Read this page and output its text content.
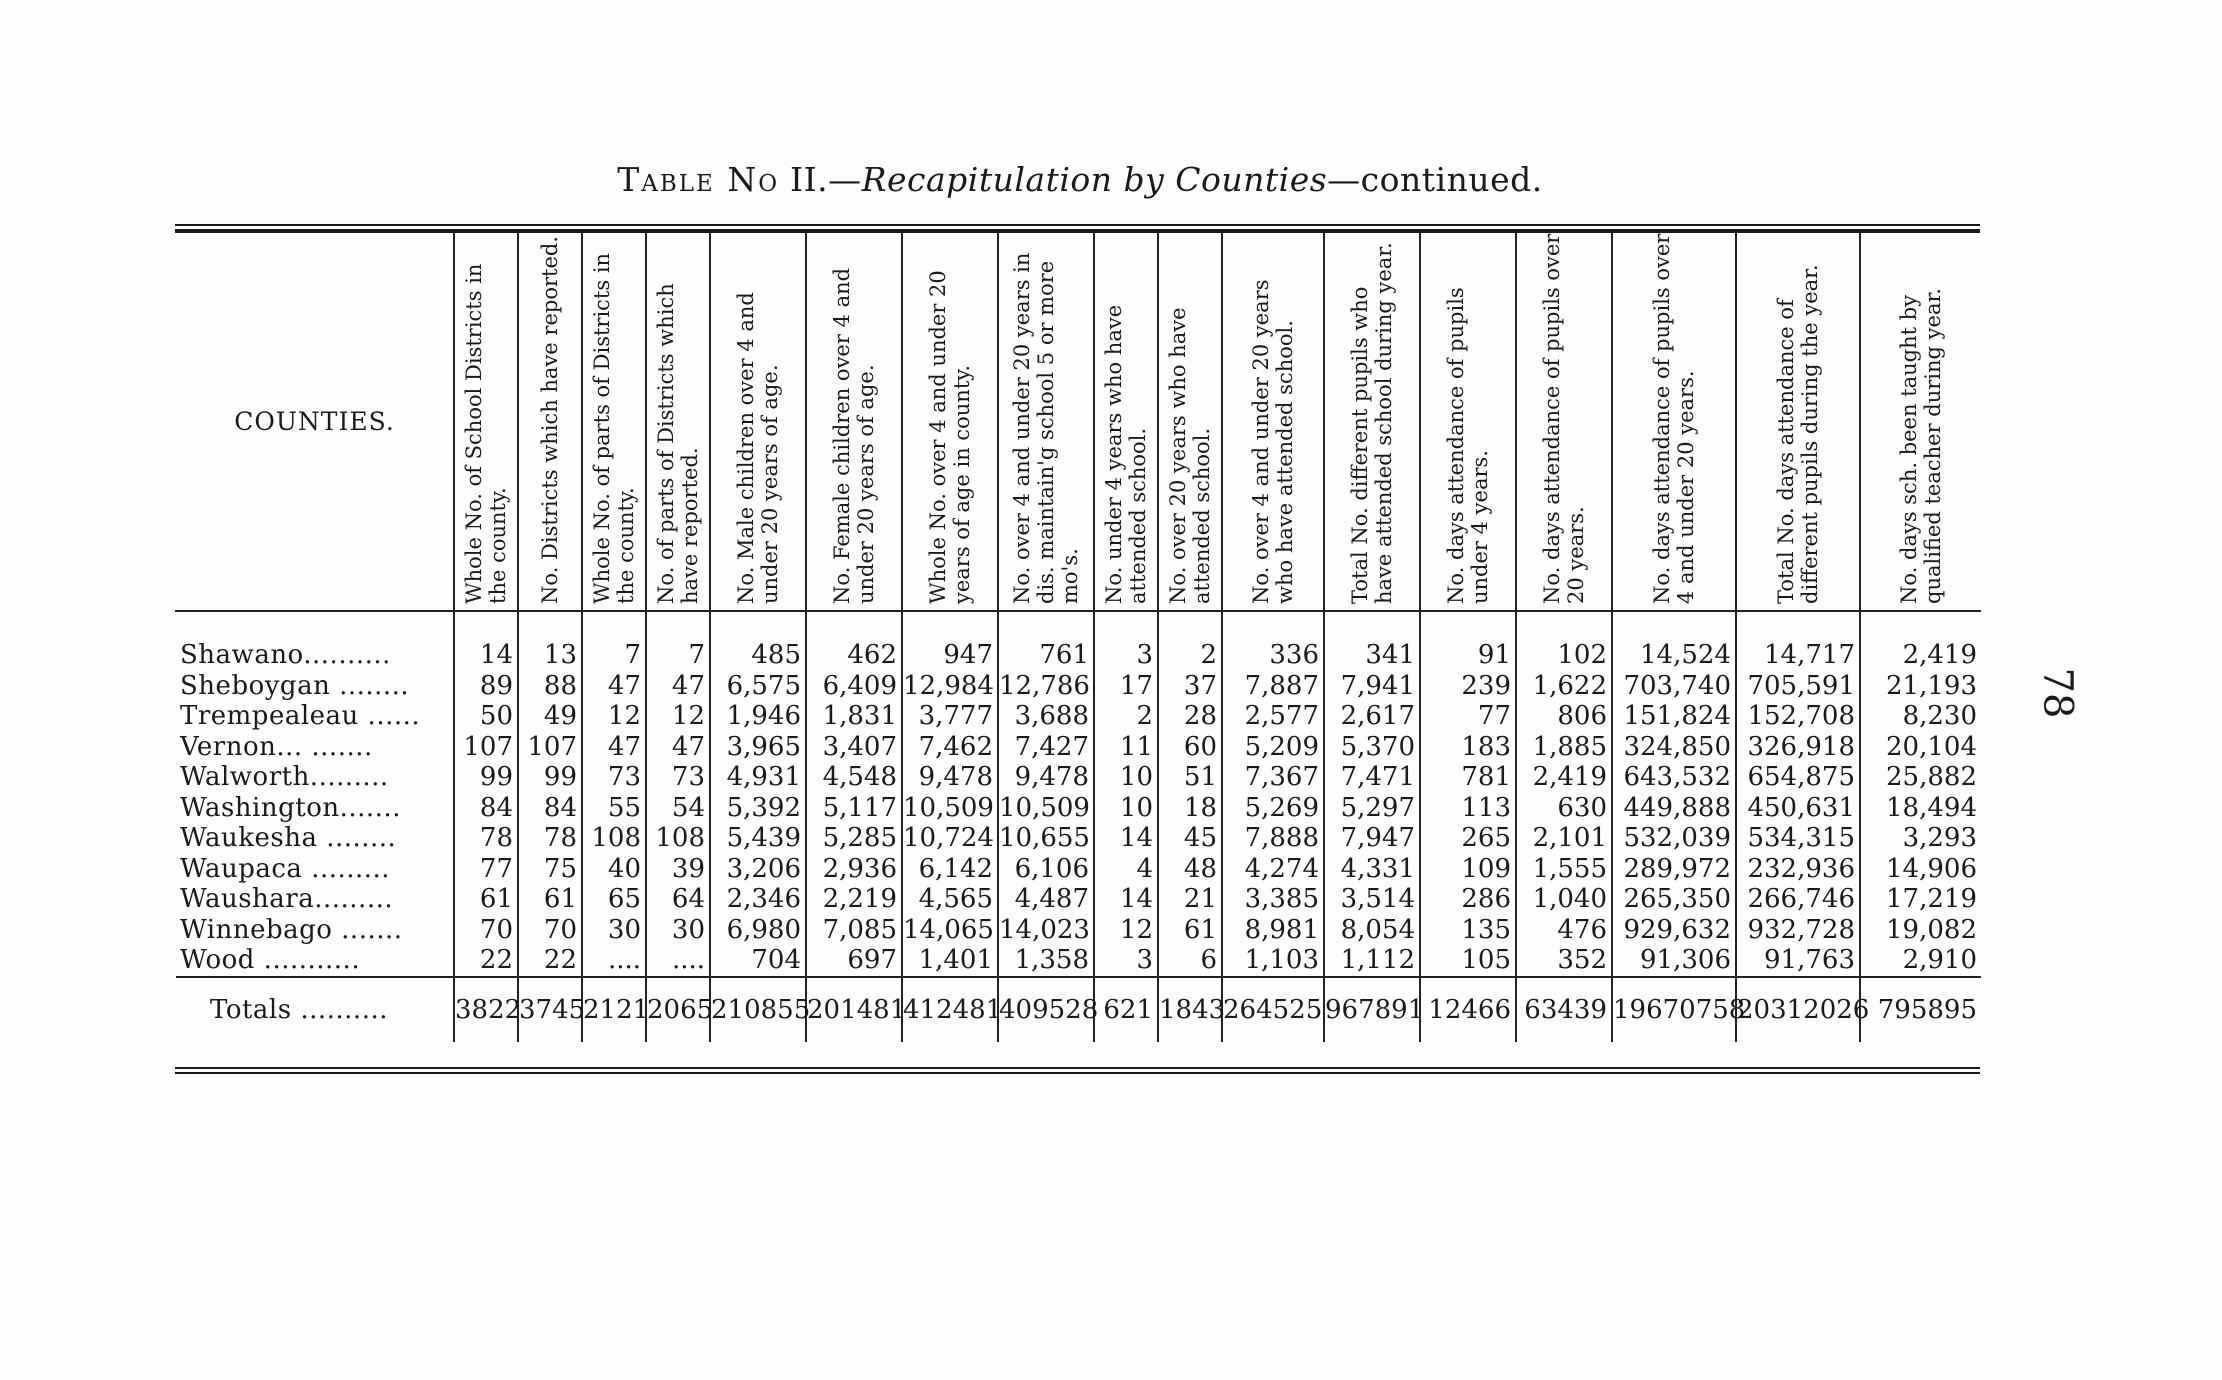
Table No II.—Recapitulation by Counties—continued.
COUNTIES.	Whole No. of School Districts in the county.	No. Districts which have reported.	Whole No. of parts of Districts in the county.	No. of parts of Districts which have reported.	No. Male children over 4 and under 20 years of age.	No. Female children over 4 and under 20 years of age.	Whole No. over 4 and under 20 years of age in county.	No. over 4 and under 20 years in dis. maintain'g school 5 or more mo's.	No. under 4 years who have attended school.	No. over 20 years who have attended school.	No. over 4 and under 20 years who have attended school.	Total No. different pupils who have attended school during year.	No. days attendance of pupils under 4 years.	No. days attendance of pupils over 20 years.	No. days attendance of pupils over 4 and under 20 years.	Total No. days attendance of different pupils during the year.	No. days sch. been taught by qualified teacher during year.

Shawano..........	14	13	7	7	485	462	947	761	3	2	336	341	91	102	14,524	14,717	2,419
Sheboygan ........	89	88	47	47	6,575	6,409	12,984	12,786	17	37	7,887	7,941	239	1,622	703,740	705,591	21,193
Trempealeau ......	50	49	12	12	1,946	1,831	3,777	3,688	2	28	2,577	2,617	77	806	151,824	152,708	8,230
Vernon... .......	107	107	47	47	3,965	3,407	7,462	7,427	11	60	5,209	5,370	183	1,885	324,850	326,918	20,104
Walworth.........	99	99	73	73	4,931	4,548	9,478	9,478	10	51	7,367	7,471	781	2,419	643,532	654,875	25,882
Washington.......	84	84	55	54	5,392	5,117	10,509	10,509	10	18	5,269	5,297	113	630	449,888	450,631	18,494
Waukesha ........	78	78	108	108	5,439	5,285	10,724	10,655	14	45	7,888	7,947	265	2,101	532,039	534,315	3,293
Waupaca .........	77	75	40	39	3,206	2,936	6,142	6,106	4	48	4,274	4,331	109	1,555	289,972	232,936	14,906
Waushara.........	61	61	65	64	2,346	2,219	4,565	4,487	14	21	3,385	3,514	286	1,040	265,350	266,746	17,219
Winnebago .......	70	70	30	30	6,980	7,085	14,065	14,023	12	61	8,981	8,054	135	476	929,632	932,728	19,082
Wood ...........	22	22	....	....	704	697	1,401	1,358	3	6	1,103	1,112	105	352	91,306	91,763	2,910
Totals ..........	3822	3745	2121	2065	210855	201481	412481	409528	621	1843	264525	967891	12466	63439	19670758	20312026	795895
78
